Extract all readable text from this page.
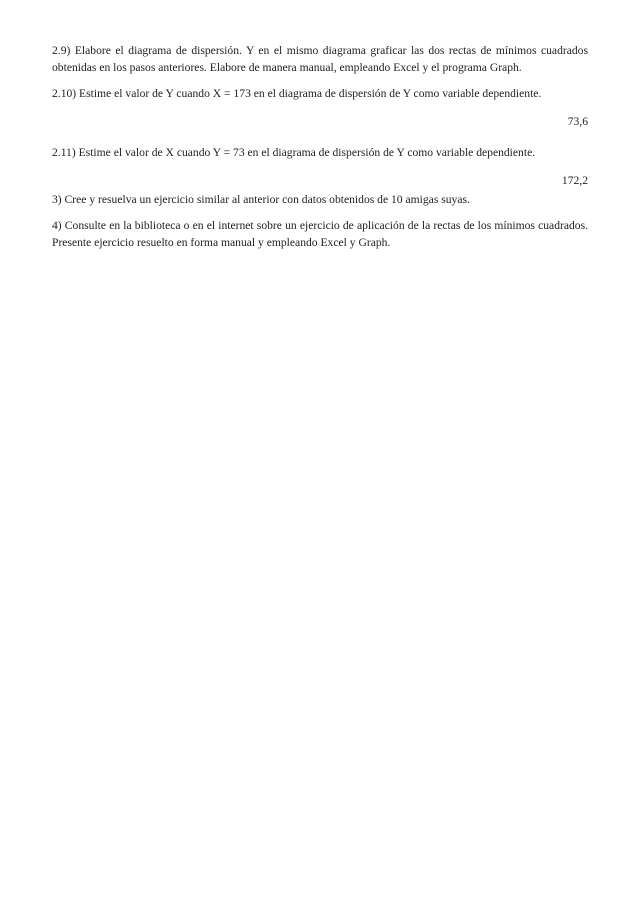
2.9) Elabore el diagrama de dispersión. Y en el mismo diagrama graficar las dos rectas de mínimos cuadrados obtenidas en los pasos anteriores. Elabore de manera manual, empleando Excel y el programa Graph.

2.10) Estime el valor de Y cuando X = 173 en el diagrama de dispersión de Y como variable dependiente.

73,6

2.11) Estime el valor de X cuando Y = 73 en el diagrama de dispersión de Y como variable dependiente.

172,2

3) Cree y resuelva un ejercicio similar al anterior con datos obtenidos de 10 amigas suyas.

4) Consulte en la biblioteca o en el internet sobre un ejercicio de aplicación de la rectas de los mínimos cuadrados. Presente ejercicio resuelto en forma manual y empleando Excel y Graph.
